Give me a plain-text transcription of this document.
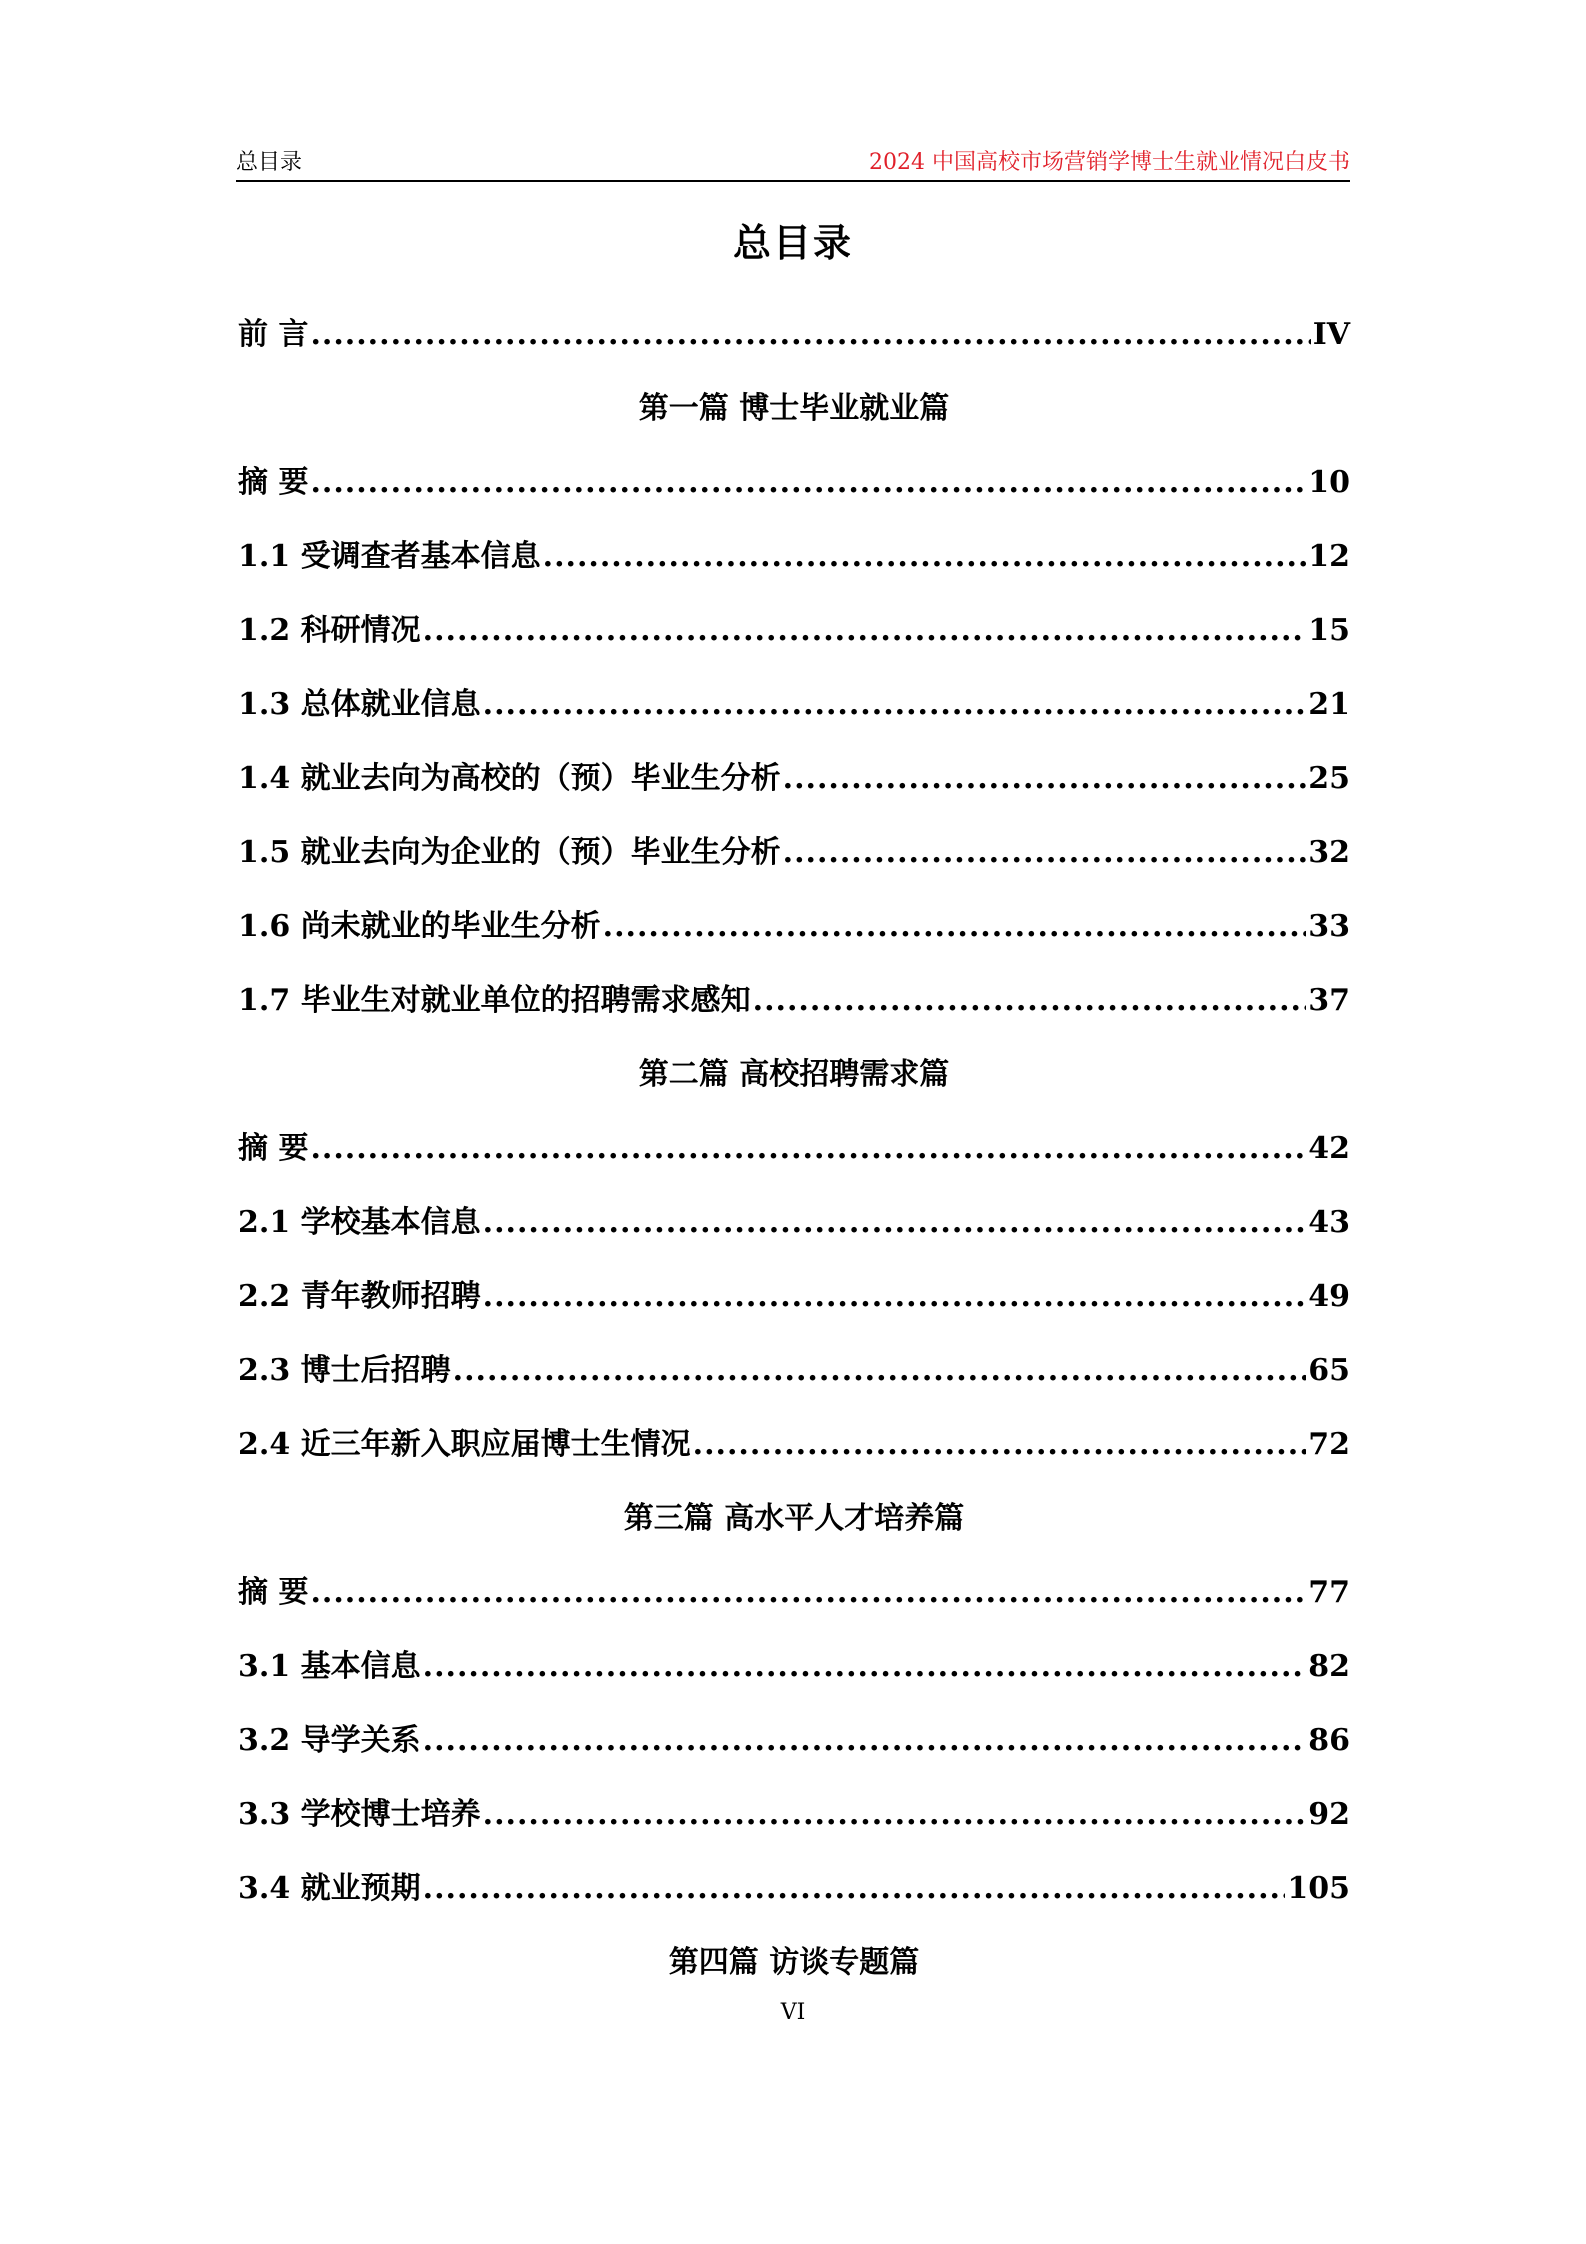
总目录	2024 中国高校市场营销学博士生就业情况白皮书
总目录
前 言 .....	IV
第一篇 博士毕业就业篇
摘 要 .....	10
1.1 受调查者基本信息 .....	12
1.2 科研情况 .....	15
1.3 总体就业信息 .....	21
1.4 就业去向为高校的（预）毕业生分析 .....	25
1.5 就业去向为企业的（预）毕业生分析 .....	32
1.6 尚未就业的毕业生分析 .....	33
1.7 毕业生对就业单位的招聘需求感知 .....	37
第二篇 高校招聘需求篇
摘 要 .....	42
2.1 学校基本信息 .....	43
2.2 青年教师招聘 .....	49
2.3 博士后招聘 .....	65
2.4 近三年新入职应届博士生情况 .....	72
第三篇 高水平人才培养篇
摘 要 .....	77
3.1 基本信息 .....	82
3.2 导学关系 .....	86
3.3 学校博士培养 .....	92
3.4 就业预期 .....	105
第四篇 访谈专题篇
VI
